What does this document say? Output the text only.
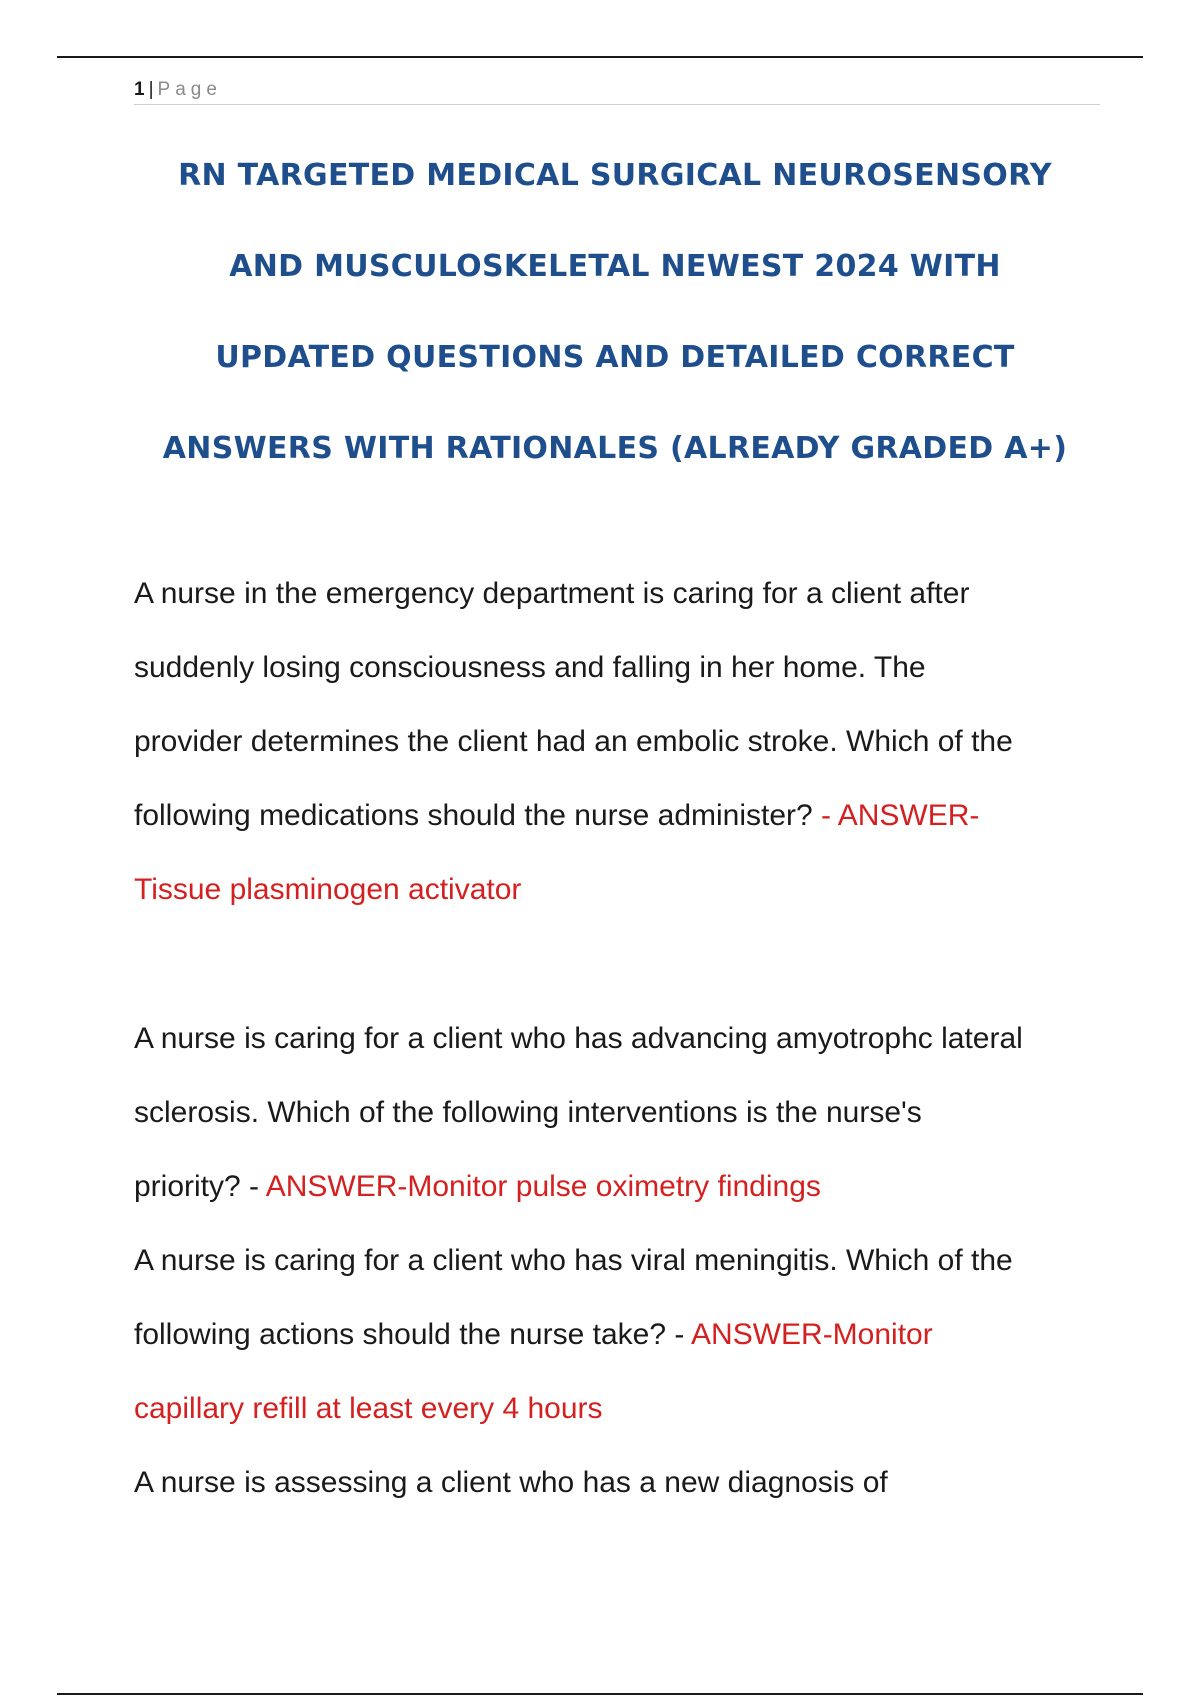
1 | Page
RN TARGETED MEDICAL SURGICAL NEUROSENSORY
AND MUSCULOSKELETAL NEWEST 2024 WITH
UPDATED QUESTIONS AND DETAILED CORRECT
ANSWERS WITH RATIONALES (ALREADY GRADED A+)
A nurse in the emergency department is caring for a client after
suddenly losing consciousness and falling in her home. The
provider determines the client had an embolic stroke. Which of the
following medications should the nurse administer? - ANSWER-
Tissue plasminogen activator
A nurse is caring for a client who has advancing amyotrophc lateral
sclerosis. Which of the following interventions is the nurse's
priority? - ANSWER-Monitor pulse oximetry findings
A nurse is caring for a client who has viral meningitis. Which of the
following actions should the nurse take? - ANSWER-Monitor
capillary refill at least every 4 hours
A nurse is assessing a client who has a new diagnosis of
